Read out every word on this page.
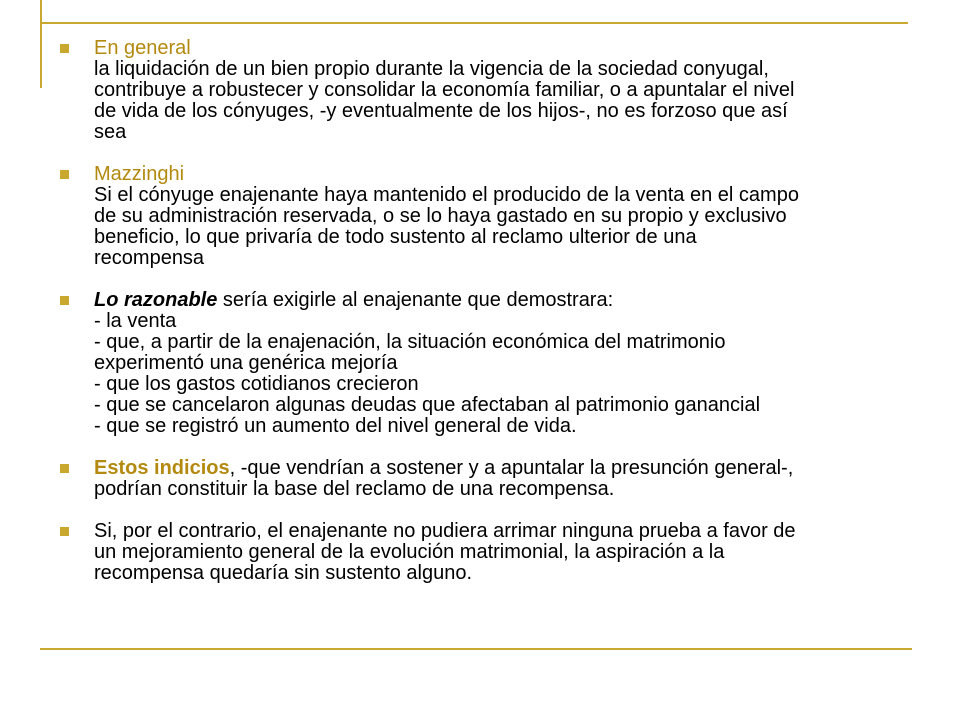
En general
la liquidación de un bien propio durante la vigencia de la sociedad conyugal,
contribuye a robustecer y consolidar la economía familiar, o a apuntalar el nivel
de vida de los cónyuges, -y eventualmente de los hijos-, no es forzoso que así
sea
Mazzinghi
Si el cónyuge enajenante haya mantenido el producido de la venta en el campo
de su administración reservada, o se lo haya gastado en su propio y exclusivo
beneficio, lo que privaría de todo sustento al reclamo ulterior de una
recompensa
Lo razonable sería exigirle al enajenante que demostrara:
- la venta
- que, a partir de la enajenación, la situación económica del matrimonio
experimentó una genérica mejoría
- que los gastos cotidianos crecieron
- que se cancelaron algunas deudas que afectaban al patrimonio ganancial
- que se registró un aumento del nivel general de vida.
Estos indicios, -que vendrían a sostener y a apuntalar la presunción general-,
podrían constituir la base del reclamo de una recompensa.
Si, por el contrario, el enajenante no pudiera arrimar ninguna prueba a favor de
un mejoramiento general de la evolución matrimonial, la aspiración a la
recompensa quedaría sin sustento alguno.
